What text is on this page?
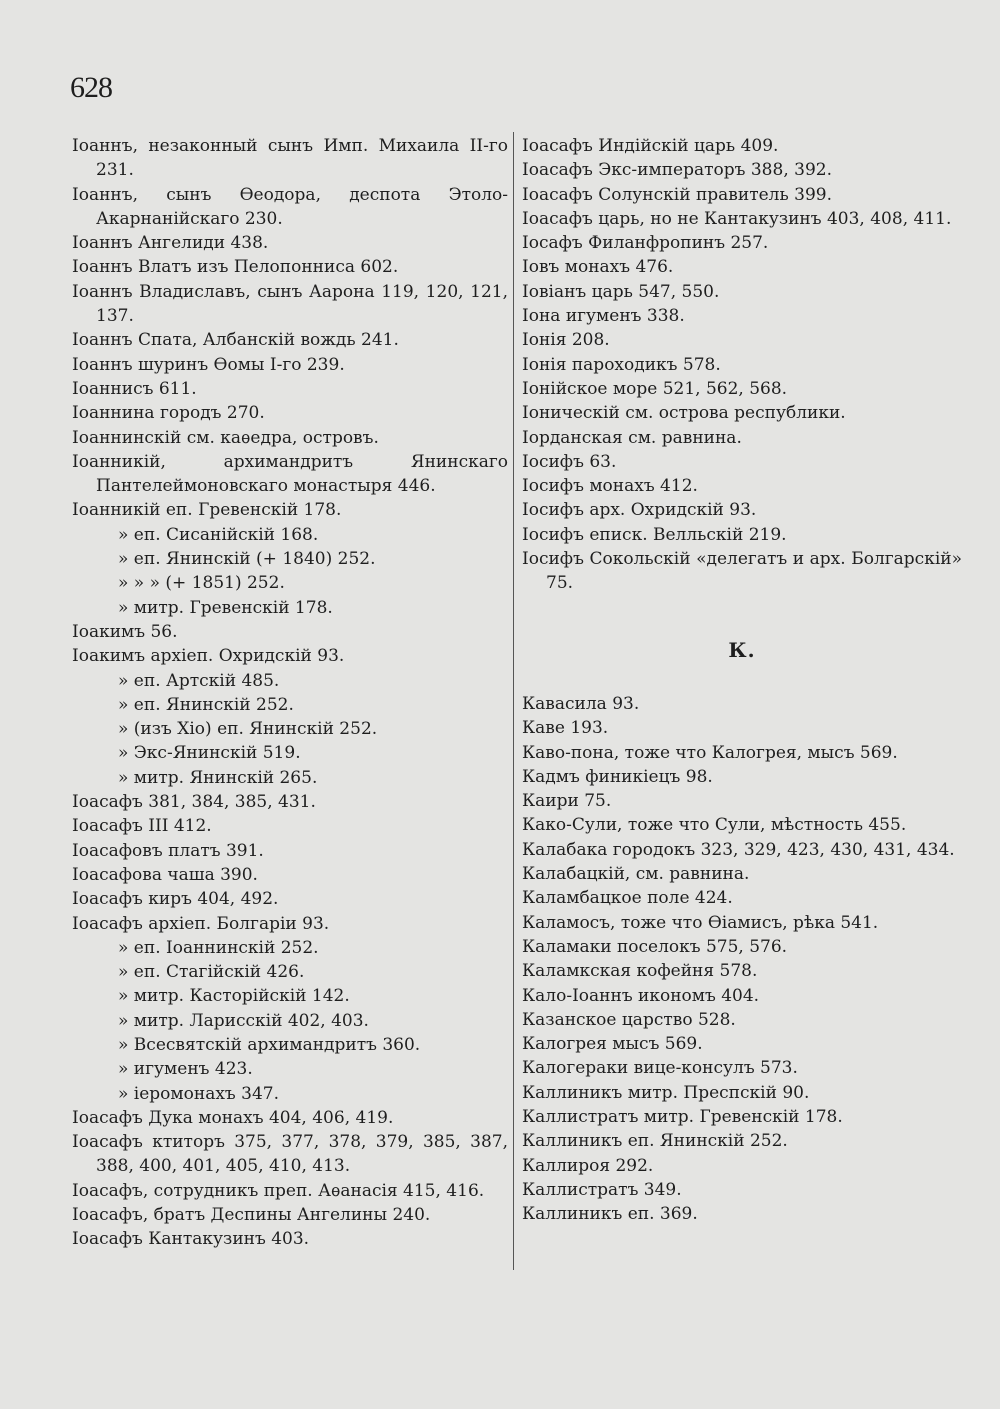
628
Іоаннъ, незаконный сынъ Имп. Михаила ІІ-го 231.
Іоаннъ, сынъ Өеодора, деспота Этоло-Акарнанійскаго 230.
Іоаннъ Ангелиди 438.
Іоаннъ Влатъ изъ Пелопонниса 602.
Іоаннъ Владиславъ, сынъ Аарона 119, 120, 121, 137.
Іоаннъ Спата, Албанскій вождь 241.
Іоаннъ шуринъ Өомы І-го 239.
Іоаннисъ 611.
Іоаннина городъ 270.
Іоаннинскій см. каѳедра, островъ.
Іоанникій, архимандритъ Янинскаго Пантелеймоновскаго монастыря 446.
Іоанникій еп. Гревенскій 178.
» еп. Сисанійскій 168.
» еп. Янинскій (+ 1840) 252.
» » » (+ 1851) 252.
» митр. Гревенскій 178.
Іоакимъ 56.
Іоакимъ архіеп. Охридскій 93.
» еп. Артскій 485.
» еп. Янинскій 252.
» (изъ Хіо) еп. Янинскій 252.
» Экс-Янинскій 519.
» митр. Янинскій 265.
Іоасафъ 381, 384, 385, 431.
Іоасафъ ІІІ 412.
Іоасафовъ платъ 391.
Іоасафова чаша 390.
Іоасафъ киръ 404, 492.
Іоасафъ архіеп. Болгаріи 93.
» еп. Іоаннинскій 252.
» еп. Стагійскій 426.
» митр. Касторійскій 142.
» митр. Ларисскій 402, 403.
» Всесвятскій архимандритъ 360.
» игуменъ 423.
» іеромонахъ 347.
Іоасафъ Дука монахъ 404, 406, 419.
Іоасафъ ктиторъ 375, 377, 378, 379, 385, 387, 388, 400, 401, 405, 410, 413.
Іоасафъ, сотрудникъ преп. Аѳанасія 415, 416.
Іоасафъ, братъ Деспины Ангелины 240.
Іоасафъ Кантакузинъ 403.
Іоасафъ Индійскій царь 409.
Іоасафъ Экс-императоръ 388, 392.
Іоасафъ Солунскій правитель 399.
Іоасафъ царь, но не Кантакузинъ 403, 408, 411.
Іосафъ Филанфропинъ 257.
Іовъ монахъ 476.
Іовіанъ царь 547, 550.
Іона игуменъ 338.
Іонія 208.
Іонія пароходикъ 578.
Іонійское море 521, 562, 568.
Іоническій см. острова республики.
Іорданская см. равнина.
Іосифъ 63.
Іосифъ монахъ 412.
Іосифъ арх. Охридскій 93.
Іосифъ еписк. Велльскій 219.
Іосифъ Сокольскій «делегатъ и арх. Болгарскій» 75.
К.
Кавасила 93.
Каве 193.
Каво-пона, тоже что Калогрея, мысъ 569.
Кадмъ финикіецъ 98.
Каири 75.
Како-Сули, тоже что Сули, мѣстность 455.
Калабака городокъ 323, 329, 423, 430, 431, 434.
Калабацкій, см. равнина.
Каламбацкое поле 424.
Каламосъ, тоже что Өіамисъ, рѣка 541.
Каламаки поселокъ 575, 576.
Каламкская кофейня 578.
Кало-Іоаннъ икономъ 404.
Казанское царство 528.
Калогрея мысъ 569.
Калогераки вице-консулъ 573.
Каллиникъ митр. Преспскій 90.
Каллистратъ митр. Гревенскій 178.
Каллиникъ еп. Янинскій 252.
Каллироя 292.
Каллистратъ 349.
Каллиникъ еп. 369.
